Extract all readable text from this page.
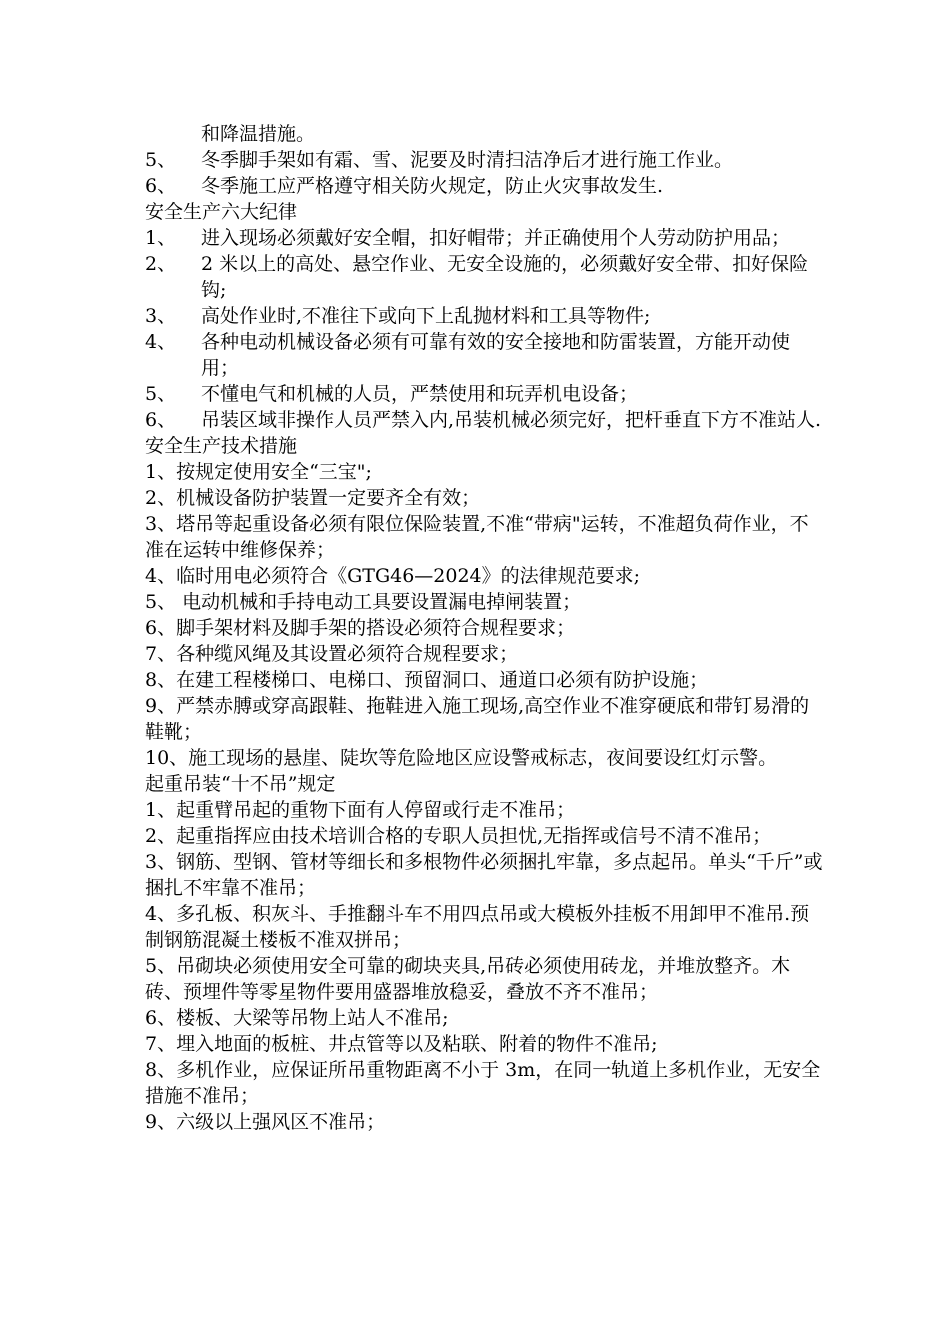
和降温措施。
5、 冬季脚手架如有霜、雪、泥要及时清扫洁净后才进行施工作业。
6、 冬季施工应严格遵守相关防火规定，防止火灾事故发生.
安全生产六大纪律
1、 进入现场必须戴好安全帽，扣好帽带；并正确使用个人劳动防护用品；
2、 2 米以上的高处、悬空作业、无安全设施的，必须戴好安全带、扣好保险钩;
3、 高处作业时,不准往下或向下上乱抛材料和工具等物件;
4、 各种电动机械设备必须有可靠有效的安全接地和防雷装置，方能开动使用；
5、 不懂电气和机械的人员，严禁使用和玩弄机电设备；
6、 吊装区域非操作人员严禁入内,吊装机械必须完好，把杆垂直下方不准站人.
安全生产技术措施
1、按规定使用安全“三宝";
2、机械设备防护装置一定要齐全有效；
3、塔吊等起重设备必须有限位保险装置,不准“带病"运转，不准超负荷作业，不准在运转中维修保养；
4、临时用电必须符合《GTG46—2024》的法律规范要求;
5、 电动机械和手持电动工具要设置漏电掉闸装置；
6、脚手架材料及脚手架的搭设必须符合规程要求；
7、各种缆风绳及其设置必须符合规程要求；
8、在建工程楼梯口、电梯口、预留洞口、通道口必须有防护设施；
9、严禁赤膊或穿高跟鞋、拖鞋进入施工现场,高空作业不准穿硬底和带钉易滑的鞋靴；
10、施工现场的悬崖、陡坎等危险地区应设警戒标志，夜间要设红灯示警。
起重吊装“十不吊”规定
1、起重臂吊起的重物下面有人停留或行走不准吊；
2、起重指挥应由技术培训合格的专职人员担忧,无指挥或信号不清不准吊；
3、钢筋、型钢、管材等细长和多根物件必须捆扎牢靠，多点起吊。单头“千斤”或捆扎不牢靠不准吊；
4、多孔板、积灰斗、手推翻斗车不用四点吊或大模板外挂板不用卸甲不准吊.预制钢筋混凝土楼板不准双拼吊；
5、吊砌块必须使用安全可靠的砌块夹具,吊砖必须使用砖龙，并堆放整齐。木砖、预埋件等零星物件要用盛器堆放稳妥，叠放不齐不准吊；
6、楼板、大梁等吊物上站人不准吊;
7、埋入地面的板桩、井点管等以及粘联、附着的物件不准吊;
8、多机作业，应保证所吊重物距离不小于 3m，在同一轨道上多机作业，无安全措施不准吊；
9、六级以上强风区不准吊；
